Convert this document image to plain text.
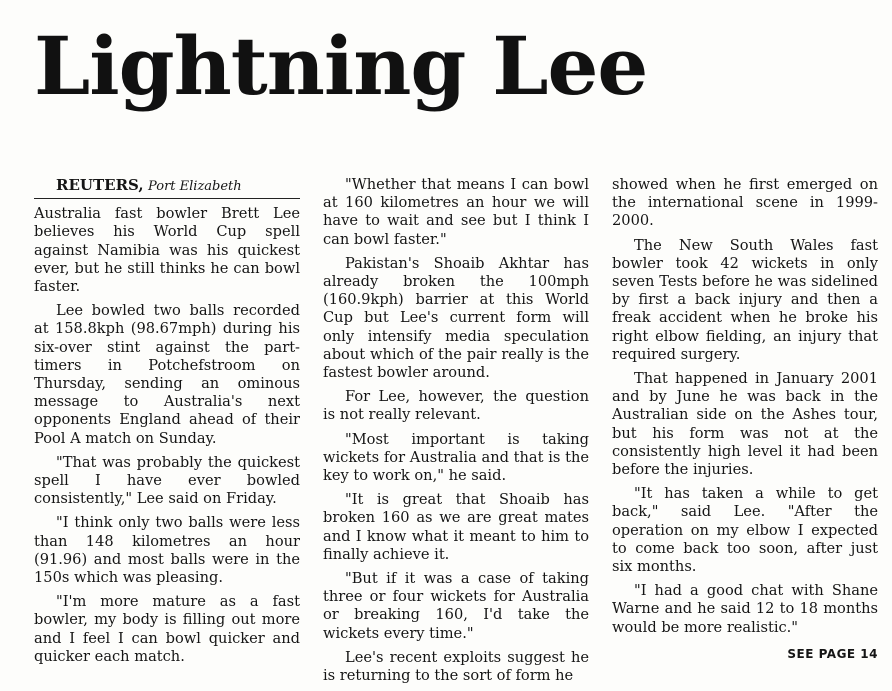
Lightning Lee

REUTERS, Port Elizabeth

Australia fast bowler Brett Lee believes his World Cup spell against Namibia was his quickest ever, but he still thinks he can bowl faster.

Lee bowled two balls recorded at 158.8kph (98.67mph) during his six-over stint against the part-timers in Potchefstroom on Thursday, sending an ominous message to Australia's next opponents England ahead of their Pool A match on Sunday.

"That was probably the quickest spell I have ever bowled consistently," Lee said on Friday.

"I think only two balls were less than 148 kilometres an hour (91.96) and most balls were in the 150s which was pleasing.

"I'm more mature as a fast bowler, my body is filling out more and I feel I can bowl quicker and quicker each match.

"Whether that means I can bowl at 160 kilometres an hour we will have to wait and see but I think I can bowl faster."

Pakistan's Shoaib Akhtar has already broken the 100mph (160.9kph) barrier at this World Cup but Lee's current form will only intensify media speculation about which of the pair really is the fastest bowler around.

For Lee, however, the question is not really relevant.

"Most important is taking wickets for Australia and that is the key to work on," he said.

"It is great that Shoaib has broken 160 as we are great mates and I know what it meant to him to finally achieve it.

"But if it was a case of taking three or four wickets for Australia or breaking 160, I'd take the wickets every time."

Lee's recent exploits suggest he is returning to the sort of form he

showed when he first emerged on the international scene in 1999-2000.

The New South Wales fast bowler took 42 wickets in only seven Tests before he was sidelined by first a back injury and then a freak accident when he broke his right elbow fielding, an injury that required surgery.

That happened in January 2001 and by June he was back in the Australian side on the Ashes tour, but his form was not at the consistently high level it had been before the injuries.

"It has taken a while to get back," said Lee. "After the operation on my elbow I expected to come back too soon, after just six months.

"I had a good chat with Shane Warne and he said 12 to 18 months would be more realistic."

SEE PAGE 14
